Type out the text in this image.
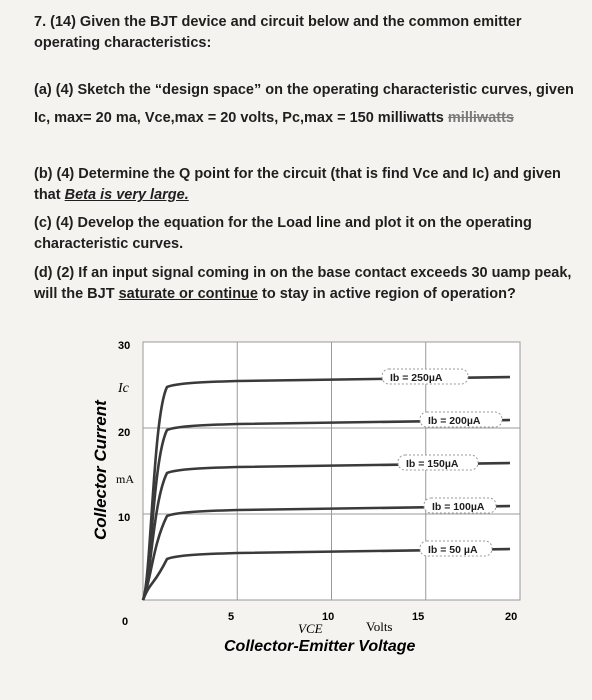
7. (14) Given the BJT device and circuit below and the common emitter
operating characteristics:
(a) (4) Sketch the “design space” on the operating characteristic curves, given
Ic, max= 20 ma, Vce,max = 20 volts, Pc,max = 150 milliwatts milliwatts
(b) (4) Determine the Q point for the circuit (that is find Vce and Ic) and given
that Beta is very large.
(c) (4) Develop the equation for the Load line and plot it on the operating
characteristic curves.
(d) (2) If an input signal coming in on the base contact exceeds 30 uamp peak,
will the BJT saturate or continue to stay in active region of operation?
Ib = 250µA
Ib = 200µA
Ib = 150µA
Ib = 100µA
Ib = 50 µA
0	5	10	15	20
30
20
10
Ic
mA
Collector Current
VCE	Volts
Collector-Emitter Voltage
